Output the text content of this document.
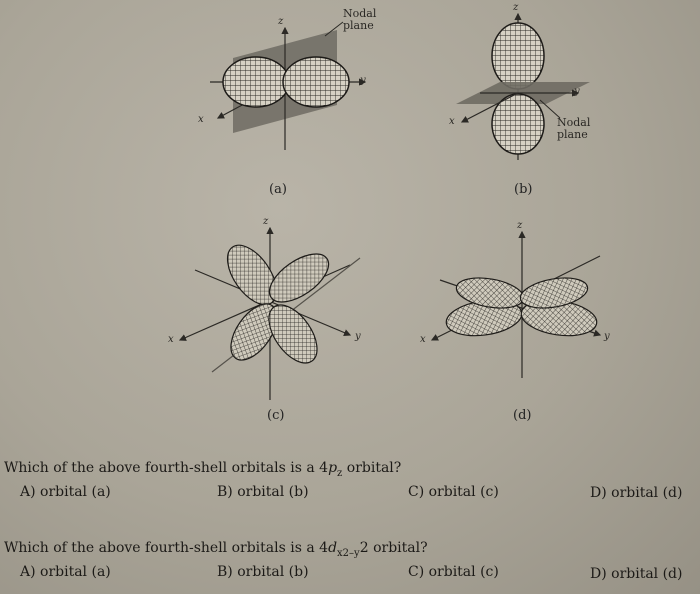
z
y
x
Nodal
plane
z
y
x	Nodal
plane
z
y
x
z
y
x
(a)	(b)
(c)	(d)
Which of the above fourth-shell orbitals is a $4p_z$ orbital?
A) orbital (a)	B) orbital (b)	C) orbital (c)	D) orbital (d)
Which of the above fourth-shell orbitals is a $4d_{x2-y}2$ orbital?
A) orbital (a)	B) orbital (b)	C) orbital (c)	D) orbital (d)
